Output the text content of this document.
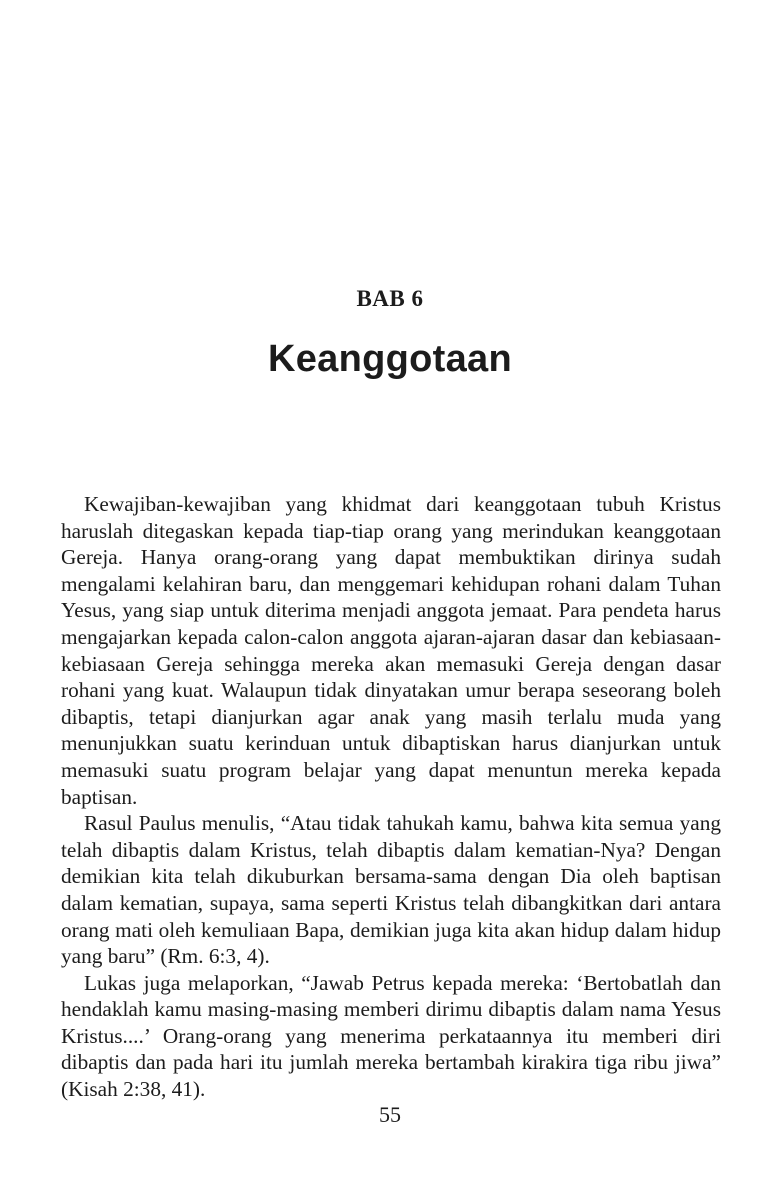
BAB 6
Keanggotaan

Kewajiban-kewajiban yang khidmat dari keanggotaan tubuh Kristus haruslah ditegaskan kepada tiap-tiap orang yang merindukan keanggotaan Gereja. Hanya orang-orang yang dapat membuktikan dirinya sudah mengalami kelahiran baru, dan menggemari kehidupan rohani dalam Tuhan Yesus, yang siap untuk diterima menjadi anggota jemaat. Para pendeta harus mengajarkan kepada calon-calon anggota ajaran-ajaran dasar dan kebiasaan-kebiasaan Gereja sehingga mereka akan memasuki Gereja dengan dasar rohani yang kuat. Walaupun tidak dinyatakan umur berapa seseorang boleh dibaptis, tetapi dianjurkan agar anak yang masih terlalu muda yang menunjukkan suatu kerinduan untuk dibaptiskan harus dianjurkan untuk memasuki suatu program belajar yang dapat menuntun mereka kepada baptisan.

Rasul Paulus menulis, “Atau tidak tahukah kamu, bahwa kita semua yang telah dibaptis dalam Kristus, telah dibaptis dalam kematian-Nya? Dengan demikian kita telah dikuburkan bersama-sama dengan Dia oleh baptisan dalam kematian, supaya, sama seperti Kristus telah dibangkitkan dari antara orang mati oleh kemuliaan Bapa, demikian juga kita akan hidup dalam hidup yang baru” (Rm. 6:3, 4).

Lukas juga melaporkan, “Jawab Petrus kepada mereka: ‘Bertobatlah dan hendaklah kamu masing-masing memberi dirimu dibaptis dalam nama Yesus Kristus....’ Orang-orang yang menerima perkataannya itu memberi diri dibaptis dan pada hari itu jumlah mereka bertambah kirakira tiga ribu jiwa” (Kisah 2:38, 41).

55
